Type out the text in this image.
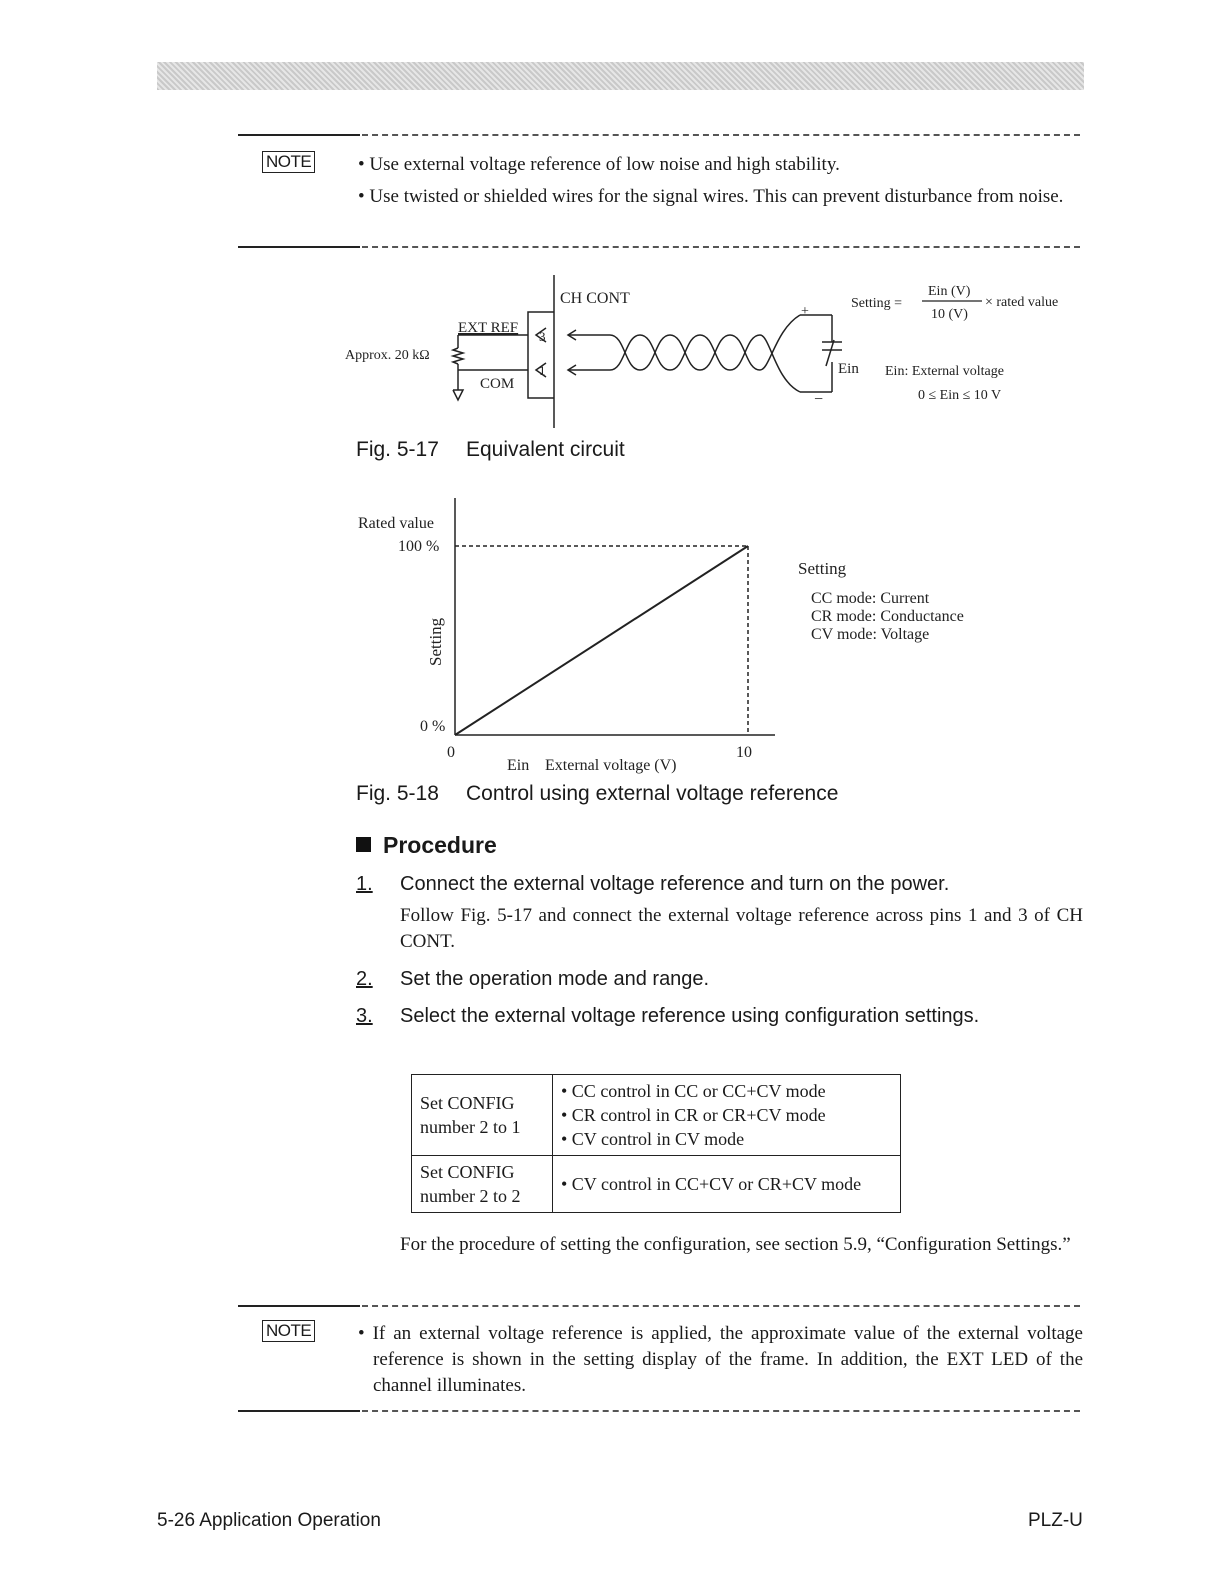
NOTE • Use external voltage reference of low noise and high stability.

• Use twisted or shielded wires for the signal wires. This can prevent disturbance from noise.

CH CONT
EXT REF
COM
Approx. 20 kΩ
3
1
+
−
Ein
Setting =
Ein (V)
10 (V)
× rated value
Ein: External voltage
0 ≤ Ein ≤ 10 V
Fig. 5-17 Equivalent circuit
Rated value
100 %
0 %
Setting
0	10
Ein External voltage (V)
Setting
CC mode: Current
CR mode: Conductance
CV mode: Voltage
Fig. 5-18 Control using external voltage reference
Procedure
1. Connect the external voltage reference and turn on the power.
Follow Fig. 5-17 and connect the external voltage reference across pins 1 and 3 of CH CONT.
2. Set the operation mode and range.
3. Select the external voltage reference using configuration settings.
Set CONFIG number 2 to 1	• CC control in CC or CC+CV mode
• CR control in CR or CR+CV mode
• CV control in CV mode

Set CONFIG number 2 to 2	• CV control in CC+CV or CR+CV mode
For the procedure of setting the configuration, see section 5.9, “Configuration Settings.”
NOTE • If an external voltage reference is applied, the approximate value of the external voltage reference is shown in the setting display of the frame. In addition, the EXT LED of the channel illuminates.

5-26 Application Operation	PLZ-U
